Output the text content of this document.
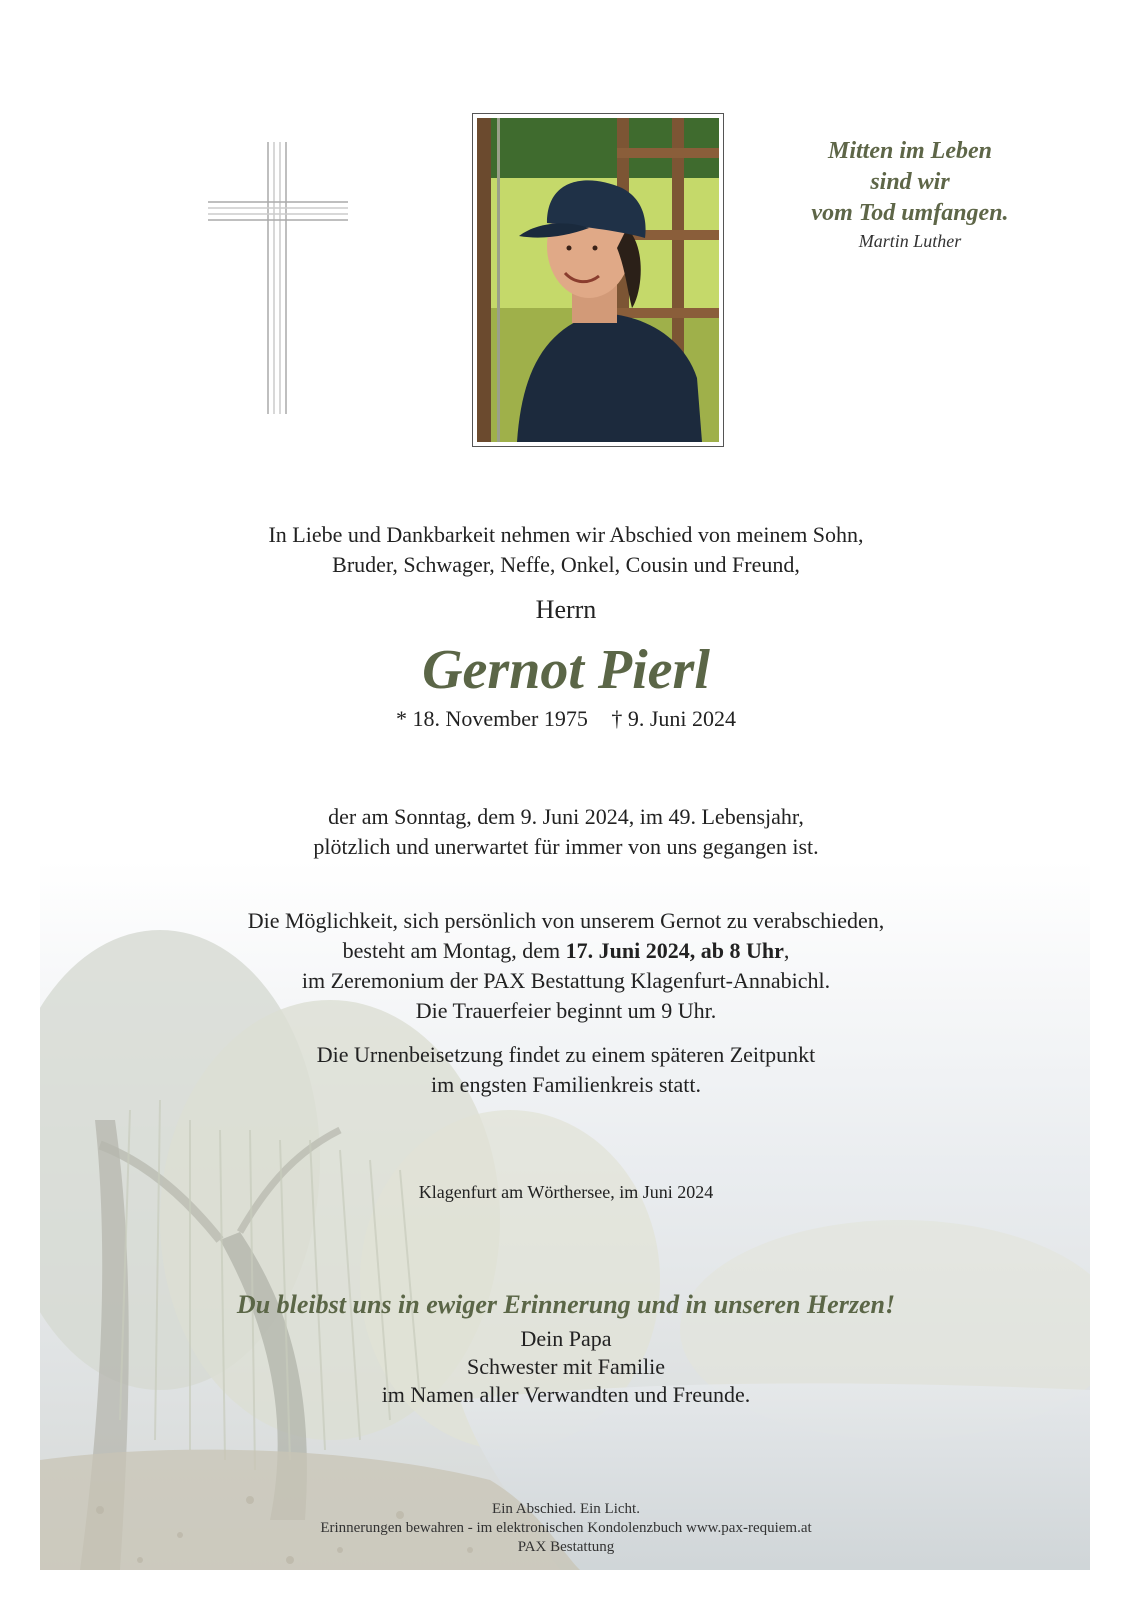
Mitten im Leben
sind wir
vom Tod umfangen.
Martin Luther
In Liebe und Dankbarkeit nehmen wir Abschied von meinem Sohn,
Bruder, Schwager, Neffe, Onkel, Cousin und Freund,
Herrn
Gernot Pierl
* 18. November 1975 † 9. Juni 2024
der am Sonntag, dem 9. Juni 2024, im 49. Lebensjahr,
plötzlich und unerwartet für immer von uns gegangen ist.
Die Möglichkeit, sich persönlich von unserem Gernot zu verabschieden,
besteht am Montag, dem 17. Juni 2024, ab 8 Uhr,
im Zeremonium der PAX Bestattung Klagenfurt-Annabichl.
Die Trauerfeier beginnt um 9 Uhr.
Die Urnenbeisetzung findet zu einem späteren Zeitpunkt
im engsten Familienkreis statt.
Klagenfurt am Wörthersee, im Juni 2024
Du bleibst uns in ewiger Erinnerung und in unseren Herzen!
Dein Papa
Schwester mit Familie
im Namen aller Verwandten und Freunde.
Ein Abschied. Ein Licht.
Erinnerungen bewahren - im elektronischen Kondolenzbuch www.pax-requiem.at
PAX Bestattung
